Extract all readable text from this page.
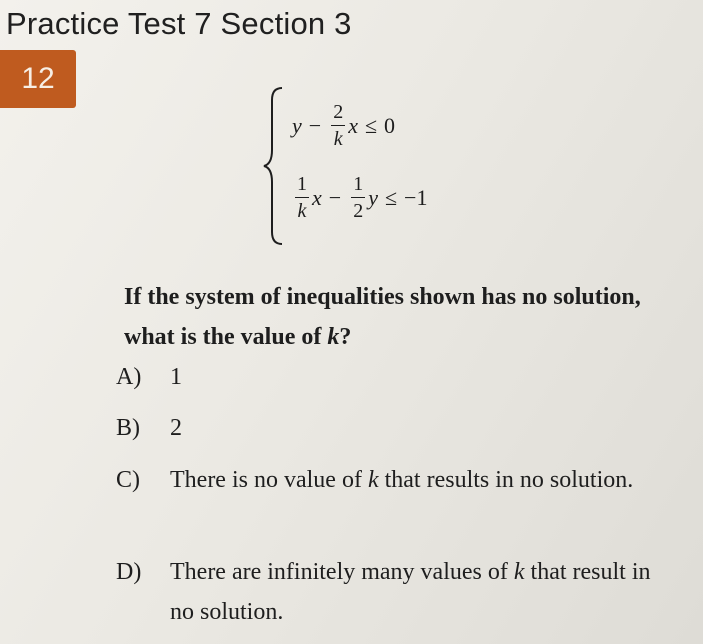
Practice Test 7 Section 3
12
$y - \frac{2}{k}$ x ≤ 0
$\frac{1}{k}$ $x - \frac{1}{2}$ y ≤ −1
If the system of inequalities shown has no solution, what is the value of k?
A)	1
B)	2
C)	There is no value of k that results in no solution.
D)	There are infinitely many values of k that result in no solution.
